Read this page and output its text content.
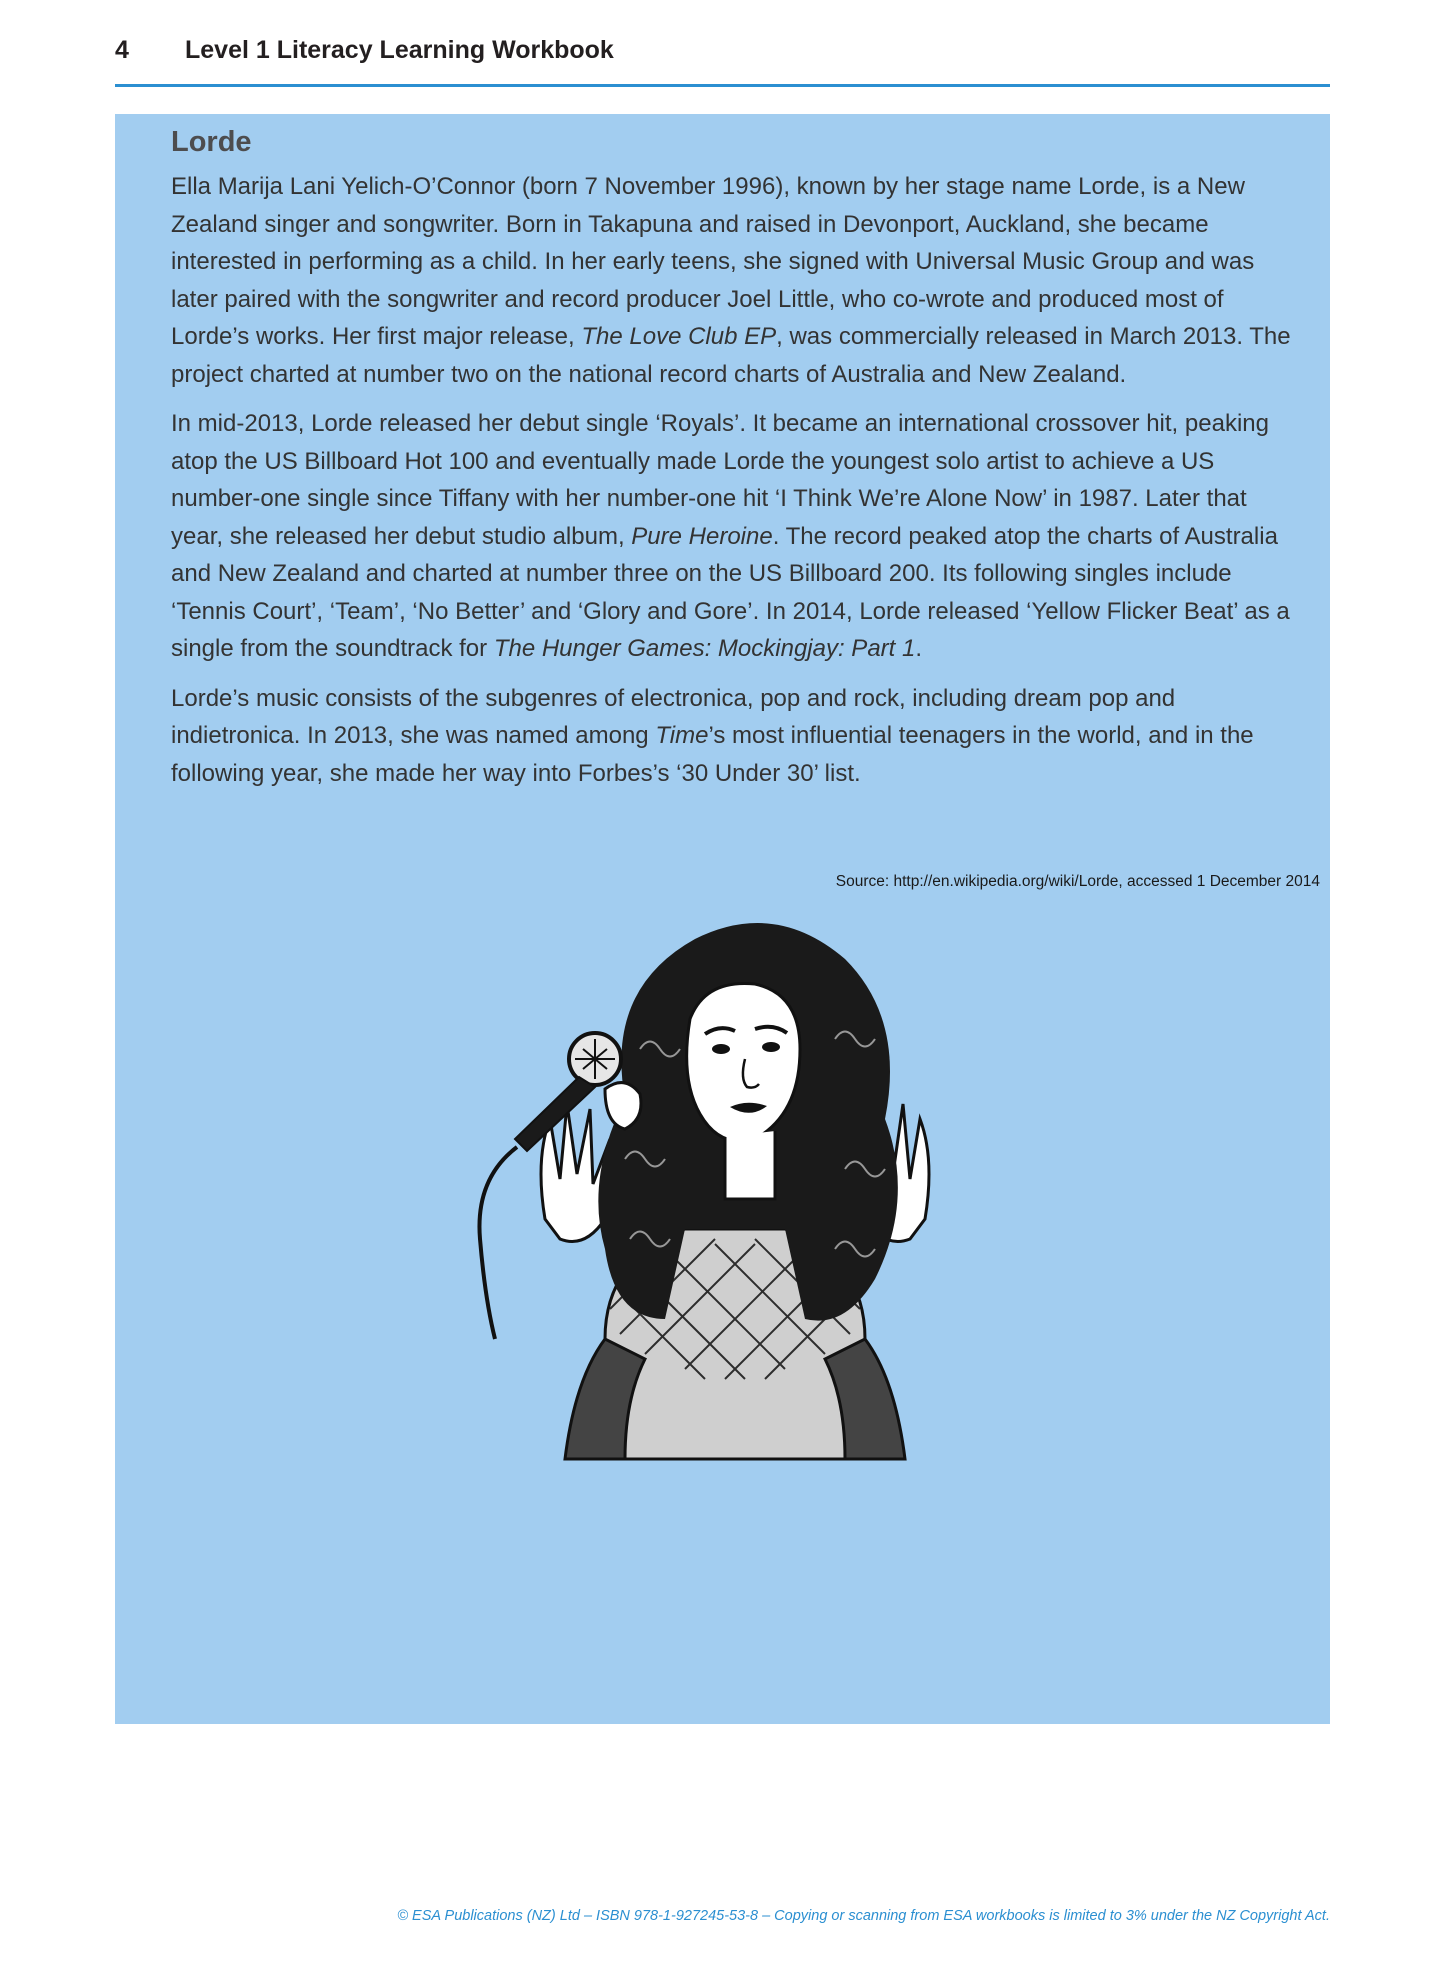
4 Level 1 Literacy Learning Workbook
Lorde

Ella Marija Lani Yelich-O’Connor (born 7 November 1996), known by her stage name Lorde, is a New Zealand singer and songwriter. Born in Takapuna and raised in Devonport, Auckland, she became interested in performing as a child. In her early teens, she signed with Universal Music Group and was later paired with the songwriter and record producer Joel Little, who co-wrote and produced most of Lorde’s works. Her first major release, The Love Club EP, was commercially released in March 2013. The project charted at number two on the national record charts of Australia and New Zealand.

In mid-2013, Lorde released her debut single ‘Royals’. It became an international crossover hit, peaking atop the US Billboard Hot 100 and eventually made Lorde the youngest solo artist to achieve a US number-one single since Tiffany with her number-one hit ‘I Think We’re Alone Now’ in 1987. Later that year, she released her debut studio album, Pure Heroine. The record peaked atop the charts of Australia and New Zealand and charted at number three on the US Billboard 200. Its following singles include ‘Tennis Court’, ‘Team’, ‘No Better’ and ‘Glory and Gore’. In 2014, Lorde released ‘Yellow Flicker Beat’ as a single from the soundtrack for The Hunger Games: Mockingjay: Part 1.

Lorde’s music consists of the subgenres of electronica, pop and rock, including dream pop and indietronica. In 2013, she was named among Time’s most influential teenagers in the world, and in the following year, she made her way into Forbes’s ‘30 Under 30’ list.

Source: http://en.wikipedia.org/wiki/Lorde, accessed 1 December 2014
© ESA Publications (NZ) Ltd – ISBN 978-1-927245-53-8 – Copying or scanning from ESA workbooks is limited to 3% under the NZ Copyright Act.
